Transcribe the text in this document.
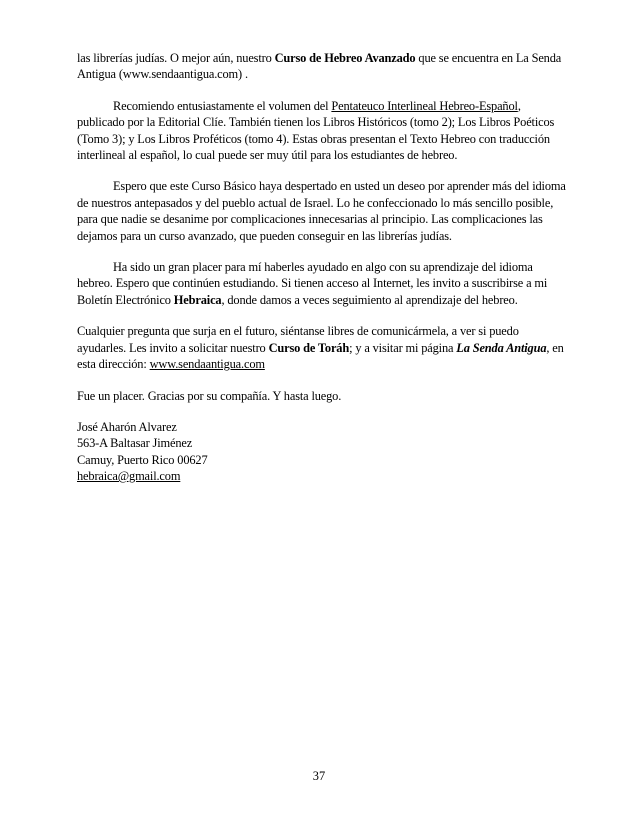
las librerías judías. O mejor aún, nuestro Curso de Hebreo Avanzado que se encuentra en La Senda Antigua (www.sendaantigua.com) .

Recomiendo entusiastamente el volumen del Pentateuco Interlineal Hebreo-Español, publicado por la Editorial Clíe. También tienen los Libros Históricos (tomo 2); Los Libros Poéticos (Tomo 3); y Los Libros Proféticos (tomo 4). Estas obras presentan el Texto Hebreo con traducción interlineal al español, lo cual puede ser muy útil para los estudiantes de hebreo.

Espero que este Curso Básico haya despertado en usted un deseo por aprender más del idioma de nuestros antepasados y del pueblo actual de Israel. Lo he confeccionado lo más sencillo posible, para que nadie se desanime por complicaciones innecesarias al principio. Las complicaciones las dejamos para un curso avanzado, que pueden conseguir en las librerías judías.

Ha sido un gran placer para mí haberles ayudado en algo con su aprendizaje del idioma hebreo. Espero que continúen estudiando. Si tienen acceso al Internet, les invito a suscribirse a mi Boletín Electrónico Hebraica, donde damos a veces seguimiento al aprendizaje del hebreo.

Cualquier pregunta que surja en el futuro, siéntanse libres de comunicármela, a ver si puedo ayudarles. Les invito a solicitar nuestro Curso de Toráh; y a visitar mi página La Senda Antigua, en esta dirección: www.sendaantigua.com

Fue un placer. Gracias por su compañía. Y hasta luego.

José Aharón Alvarez
563-A Baltasar Jiménez
Camuy, Puerto Rico 00627
hebraica@gmail.com
37
